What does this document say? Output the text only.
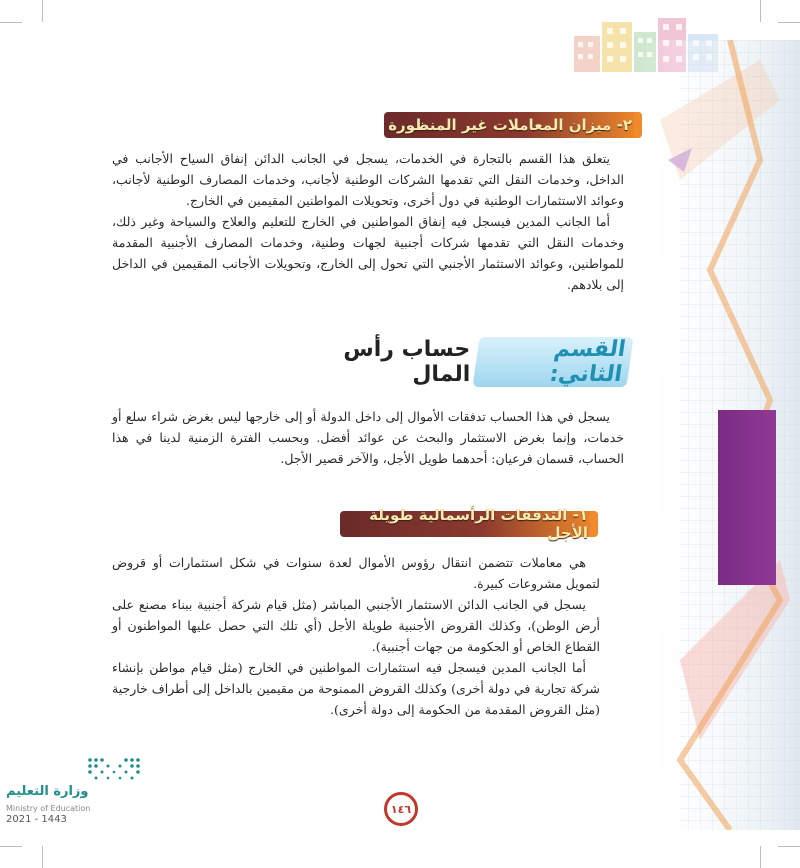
٢- ميزان المعاملات غير المنظورة

يتعلق هذا القسم بالتجارة في الخدمات، يسجل في الجانب الدائن إنفاق السياح الأجانب في الداخل، وخدمات النقل التي تقدمها الشركات الوطنية لأجانب، وخدمات المصارف الوطنية لأجانب، وعوائد الاستثمارات الوطنية في دول أخرى، وتحويلات المواطنين المقيمين في الخارج.

أما الجانب المدين فيسجل فيه إنفاق المواطنين في الخارج للتعليم والعلاج والسياحة وغير ذلك، وخدمات النقل التي تقدمها شركات أجنبية لجهات وطنية، وخدمات المصارف الأجنبية المقدمة للمواطنين، وعوائد الاستثمار الأجنبي التي تحول إلى الخارج، وتحويلات الأجانب المقيمين في الداخل إلى بلادهم.

القسم الثاني:
حساب رأس المال

يسجل في هذا الحساب تدفقات الأموال إلى داخل الدولة أو إلى خارجها ليس بغرض شراء سلع أو خدمات، وإنما بغرض الاستثمار والبحث عن عوائد أفضل. وبحسب الفترة الزمنية لدينا في هذا الحساب، قسمان فرعيان: أحدهما طويل الأجل، والآخر قصير الأجل.

١- التدفقات الرأسمالية طويلة الأجل

هي معاملات تتضمن انتقال رؤوس الأموال لعدة سنوات في شكل استثمارات أو قروض لتمويل مشروعات كبيرة.

يسجل في الجانب الدائن الاستثمار الأجنبي المباشر (مثل قيام شركة أجنبية ببناء مصنع على أرض الوطن)، وكذلك القروض الأجنبية طويلة الأجل (أي تلك التي حصل عليها المواطنون أو القطاع الخاص أو الحكومة من جهات أجنبية).

أما الجانب المدين فيسجل فيه استثمارات المواطنين في الخارج (مثل قيام مواطن بإنشاء شركة تجارية في دولة أخرى) وكذلك القروض الممنوحة من مقيمين بالداخل إلى أطراف خارجية (مثل القروض المقدمة من الحكومة إلى دولة أخرى).

وزارة التعليم
Ministry of Education
2021 - 1443
١٤٦
